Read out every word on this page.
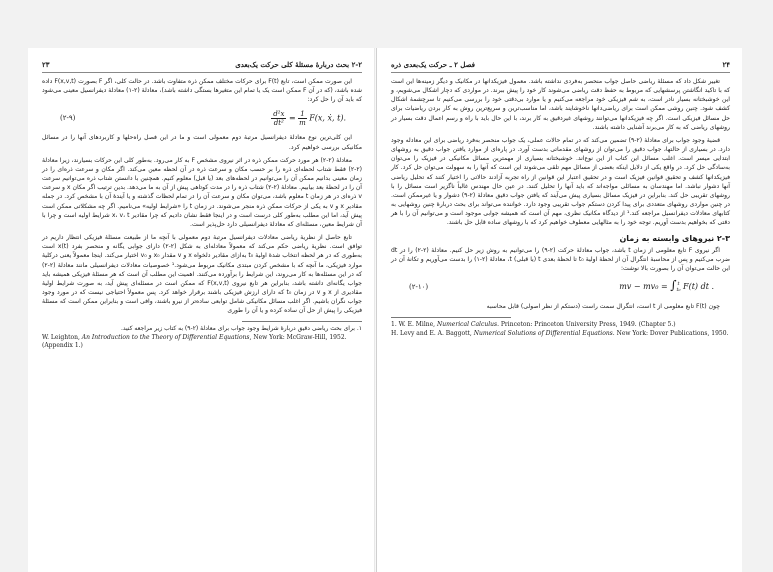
۲-۲ بحث دربارهٔ مسئلهٔ کلی حرکت یک‌بعدی
۲۳

این صورت ممکن است، تابع F(t) برای حرکات مختلف ممکن ذره متفاوت باشد. در حالت کلی، اگر F بصورت F(x,v,t) داده شده باشد، (که در آن F ممکن است یک یا تمام این متغیرها بستگی داشته باشد)، معادلهٔ (۲-۱) معادلهٔ دیفرانسیل معینی می‌شود که باید آن را حل کرد:

(۲-۹)	$\frac{\text{d²x}}{\text{dt²}} = \frac{1}{m} F(x$, ẋ, t).

این کلی‌ترین نوع معادلهٔ دیفرانسیل مرتبهٔ دوم معمولی است و ما در این فصل راه‌حلها و کاربردهای آنها را در مسائل مکانیکی بررسی خواهیم کرد.

معادلهٔ (۲-۲) هر مورد حرکت ممکن ذره در اثر نیروی مشخص F به کار می‌رود. به‌طور کلی این حرکات بسیارند، زیرا معادلهٔ (۲-۲) فقط شتاب لحظه‌ای ذره را بر حسب مکان و سرعت ذره در آن لحظه معین می‌کند. اگر مکان و سرعت ذره‌ای را در زمان معینی بدانیم ممکن آن را می‌توانیم در لحظه‌های بعد (یا قبل) معلوم کنیم. همچنین با دانستن شتاب ذره می‌توانیم سرعت آن را در لحظهٔ بعد بیابیم. معادلهٔ (۲-۲) شتاب ذره را در مدت کوتاهی پیش از آن به ما می‌دهد. بدین ترتیب اگر مکان x و سرعت v ذره‌ای در هر زمان t معلوم باشد، می‌توان مکان و سرعت آن را در تمام لحظات گذشته و یا آیندهٔ آن با مشخص کرد. در جمله مقادیر x و v به یکی از حرکات ممکن ذره منجر می‌شوند. در زمان t را «شرایط اولیه» می‌نامیم. اگر چه مشکلاتی ممکن است پیش آید، اما این مطلب به‌طور کلی درست است و در اینجا فقط نشان دادیم که چرا مقادیر x، v، t شرایط اولیه است و چرا با آن شرایط معین، مسئله‌ای که معادلهٔ دیفرانسیلی دارد حل‌پذیر است.

تابع حاصل از نظریهٔ ریاضی معادلات دیفرانسیل مرتبهٔ دوم معمولی با آنچه ما از طبیعت مسئلهٔ فیزیکی انتظار داریم در توافق است. نظریهٔ ریاضی حکم می‌کند که معمولاً معادله‌ای به شکل (۲-۲) دارای جوابی یگانه و منحصر بفرد x(t) است به‌طوری که در هر لحظه انتخاب شدهٔ اولیهٔ t₀ به‌ازای مقادیر دلخواه x و v مقدار x₀ و v₀ اختیار می‌کند. اینجا معمولاً یعنی درکلیهٔ موارد فیزیکی، ما آنچه که با مشخص کردن مبتدی مکانیک مربوط می‌شود.¹ خصوصیات معادلات دیفرانسیلی مانند معادلهٔ (۲-۲) که در این مسئله‌ها به کار می‌روند، این شرایط را برآورده می‌کنند. اهمیت این مطلب آن است که هر مسئلهٔ فیزیکی همیشه باید جواب یگانه‌ای داشته باشد، بنابراین هر تابع نیروی F(x,v,t) که ممکن است در مسئله‌ای پیش آید، به صورت شرایط اولیهٔ مقادیری از x و v در زمان t₀ که دارای ارزش فیزیکی باشند برقرار خواهد کرد. پس معمولاً احتیاجی نیست که در مورد وجود جواب نگران باشیم. اگر اغلب مسائل مکانیکی شامل توابعی ساده‌تر از نیرو باشند، وافی است و بنابراین ممکن است که مسئلهٔ فیزیکی را پیش از حل آن ساده کرده و یا آن را طوری

۱. برای بحث ریاضی دقیق دربارهٔ شرایط وجود جواب برای معادلهٔ (۲-۹) به کتاب زیر مراجعه کنید.
W. Leighton, An Introduction to the Theory of Differential Equations, New York: McGraw-Hill, 1952. (Appendix 1.)
۲۴
فصل ۲ ـ حرکت یک‌بعدی ذره

تغییر شکل داد که مسئلهٔ ریاضی حاصل جواب منحصر به‌فردی نداشته باشد. معمول فیزیکدانها در مکانیک و دیگر زمینه‌ها این است که با تاکید انگاشتن پرسشهایی که مربوط به حفظ دقت ریاضی می‌شوند کار خود را پیش ببرند. در مواردی که دچار اشکال می‌شویم، و این خوشبختانه بسیار نادر است، به شم فیزیکی خود مراجعه می‌کنیم و یا موارد بی‌دقتی خود را بررسی می‌کنیم تا سرچشمهٔ اشکال کشف شود. چنین روشی ممکن است برای ریاضی‌دانها ناخوشایند باشد، اما مناسب‌ترین و سریع‌ترین روش به کار بردن ریاضیات برای حل مسائل فیزیکی است. اگر چه فیزیکدانها می‌توانند روشهای غیردقیق به کار برند، با این حال باید با راه و رسم اعمال دقت بسیار در روشهای ریاضی که به کار می‌برند آشنایی داشته باشند.

قضیهٔ وجود جواب برای معادلهٔ (۲-۹) تضمین می‌کند که در تمام حالات عملی، یک جواب منحصر به‌فرد ریاضی برای این معادله وجود دارد. در بسیاری از حالتها، جواب دقیق را می‌توان از روشهای مقدماتی بدست آورد. در پاره‌ای از موارد یافتن جواب دقیق به روشهای ابتدایی میسر است. اغلب مسائل این کتاب از این نوع‌اند. خوشبختانه بسیاری از مهمترین مسائل مکانیکی در فیزیک را می‌توان به‌سادگی حل کرد. در واقع یکی از دلایل اینکه بعضی از مسائل مهم تلقی می‌شوند این است که آنها را به سهولت می‌توان حل کرد. کار فیزیکدانها کشف و تحقیق قوانین فیزیک است و در تحقیق اعتبار این قوانین از راه تجربه آزادند حالاتی را اختیار کنند که تحلیل ریاضی آنها دشوار نباشد. اما مهندسان به مسائلی مواجه‌اند که باید آنها را تحلیل کنند. در عین حال مهندس غالباً ناگزیر است مسائل را با روشهای تقریبی حل کند. بنابراین در فیزیک مسائل بسیاری پیش می‌آیند که یافتن جواب دقیق معادلهٔ (۲-۹) دشوار و یا غیرممکن است. در چنین مواردی روشهای متعددی برای پیدا کردن دستکم جواب تقریبی وجود دارد. خواننده می‌تواند برای بحث دربارهٔ چنین روشهایی به کتابهای معادلات دیفرانسیل مراجعه کند.¹ از دیدگاه مکانیک نظری، مهم آن است که همیشه جوابی موجود است و می‌توانیم آن را با هر دقتی که بخواهیم بدست آوریم. توجه خود را به مثالهایی معطوف خواهیم کرد که با روشهای ساده قابل حل باشند.

۲-۳ نیروهای وابسته به زمان

اگر نیروی F تابع معلومی از زمان t باشد، جواب معادلهٔ حرکت (۲-۹) را می‌توانیم به روش زیر حل کنیم. معادلهٔ (۲-۲) را در dt ضرب می‌کنیم و پس از محاسبهٔ انتگرال آن از لحظهٔ اولیهٔ t₀ تا لحظهٔ بعدی t (یا قبلی) t، معادلهٔ (۲-۱) را بدست می‌آوریم و تکانهٔ آن در این حالت می‌توان آن را بصورت بالا نوشت:

(۲-۱۰)	mv − mv₀ = ∫ t
t₀ F(t) dt .

چون F(t) تابع معلومی از t است، انتگرال سمت راست (دستکم از نظر اصولی) قابل محاسبه

1. W. E. Milne, Numerical Calculus. Princeton: Princeton University Press, 1949. (Chapter 5.)
H. Levy and E. A. Baggott, Numerical Solutions of Differential Equations. New York: Dover Publications, 1950.
